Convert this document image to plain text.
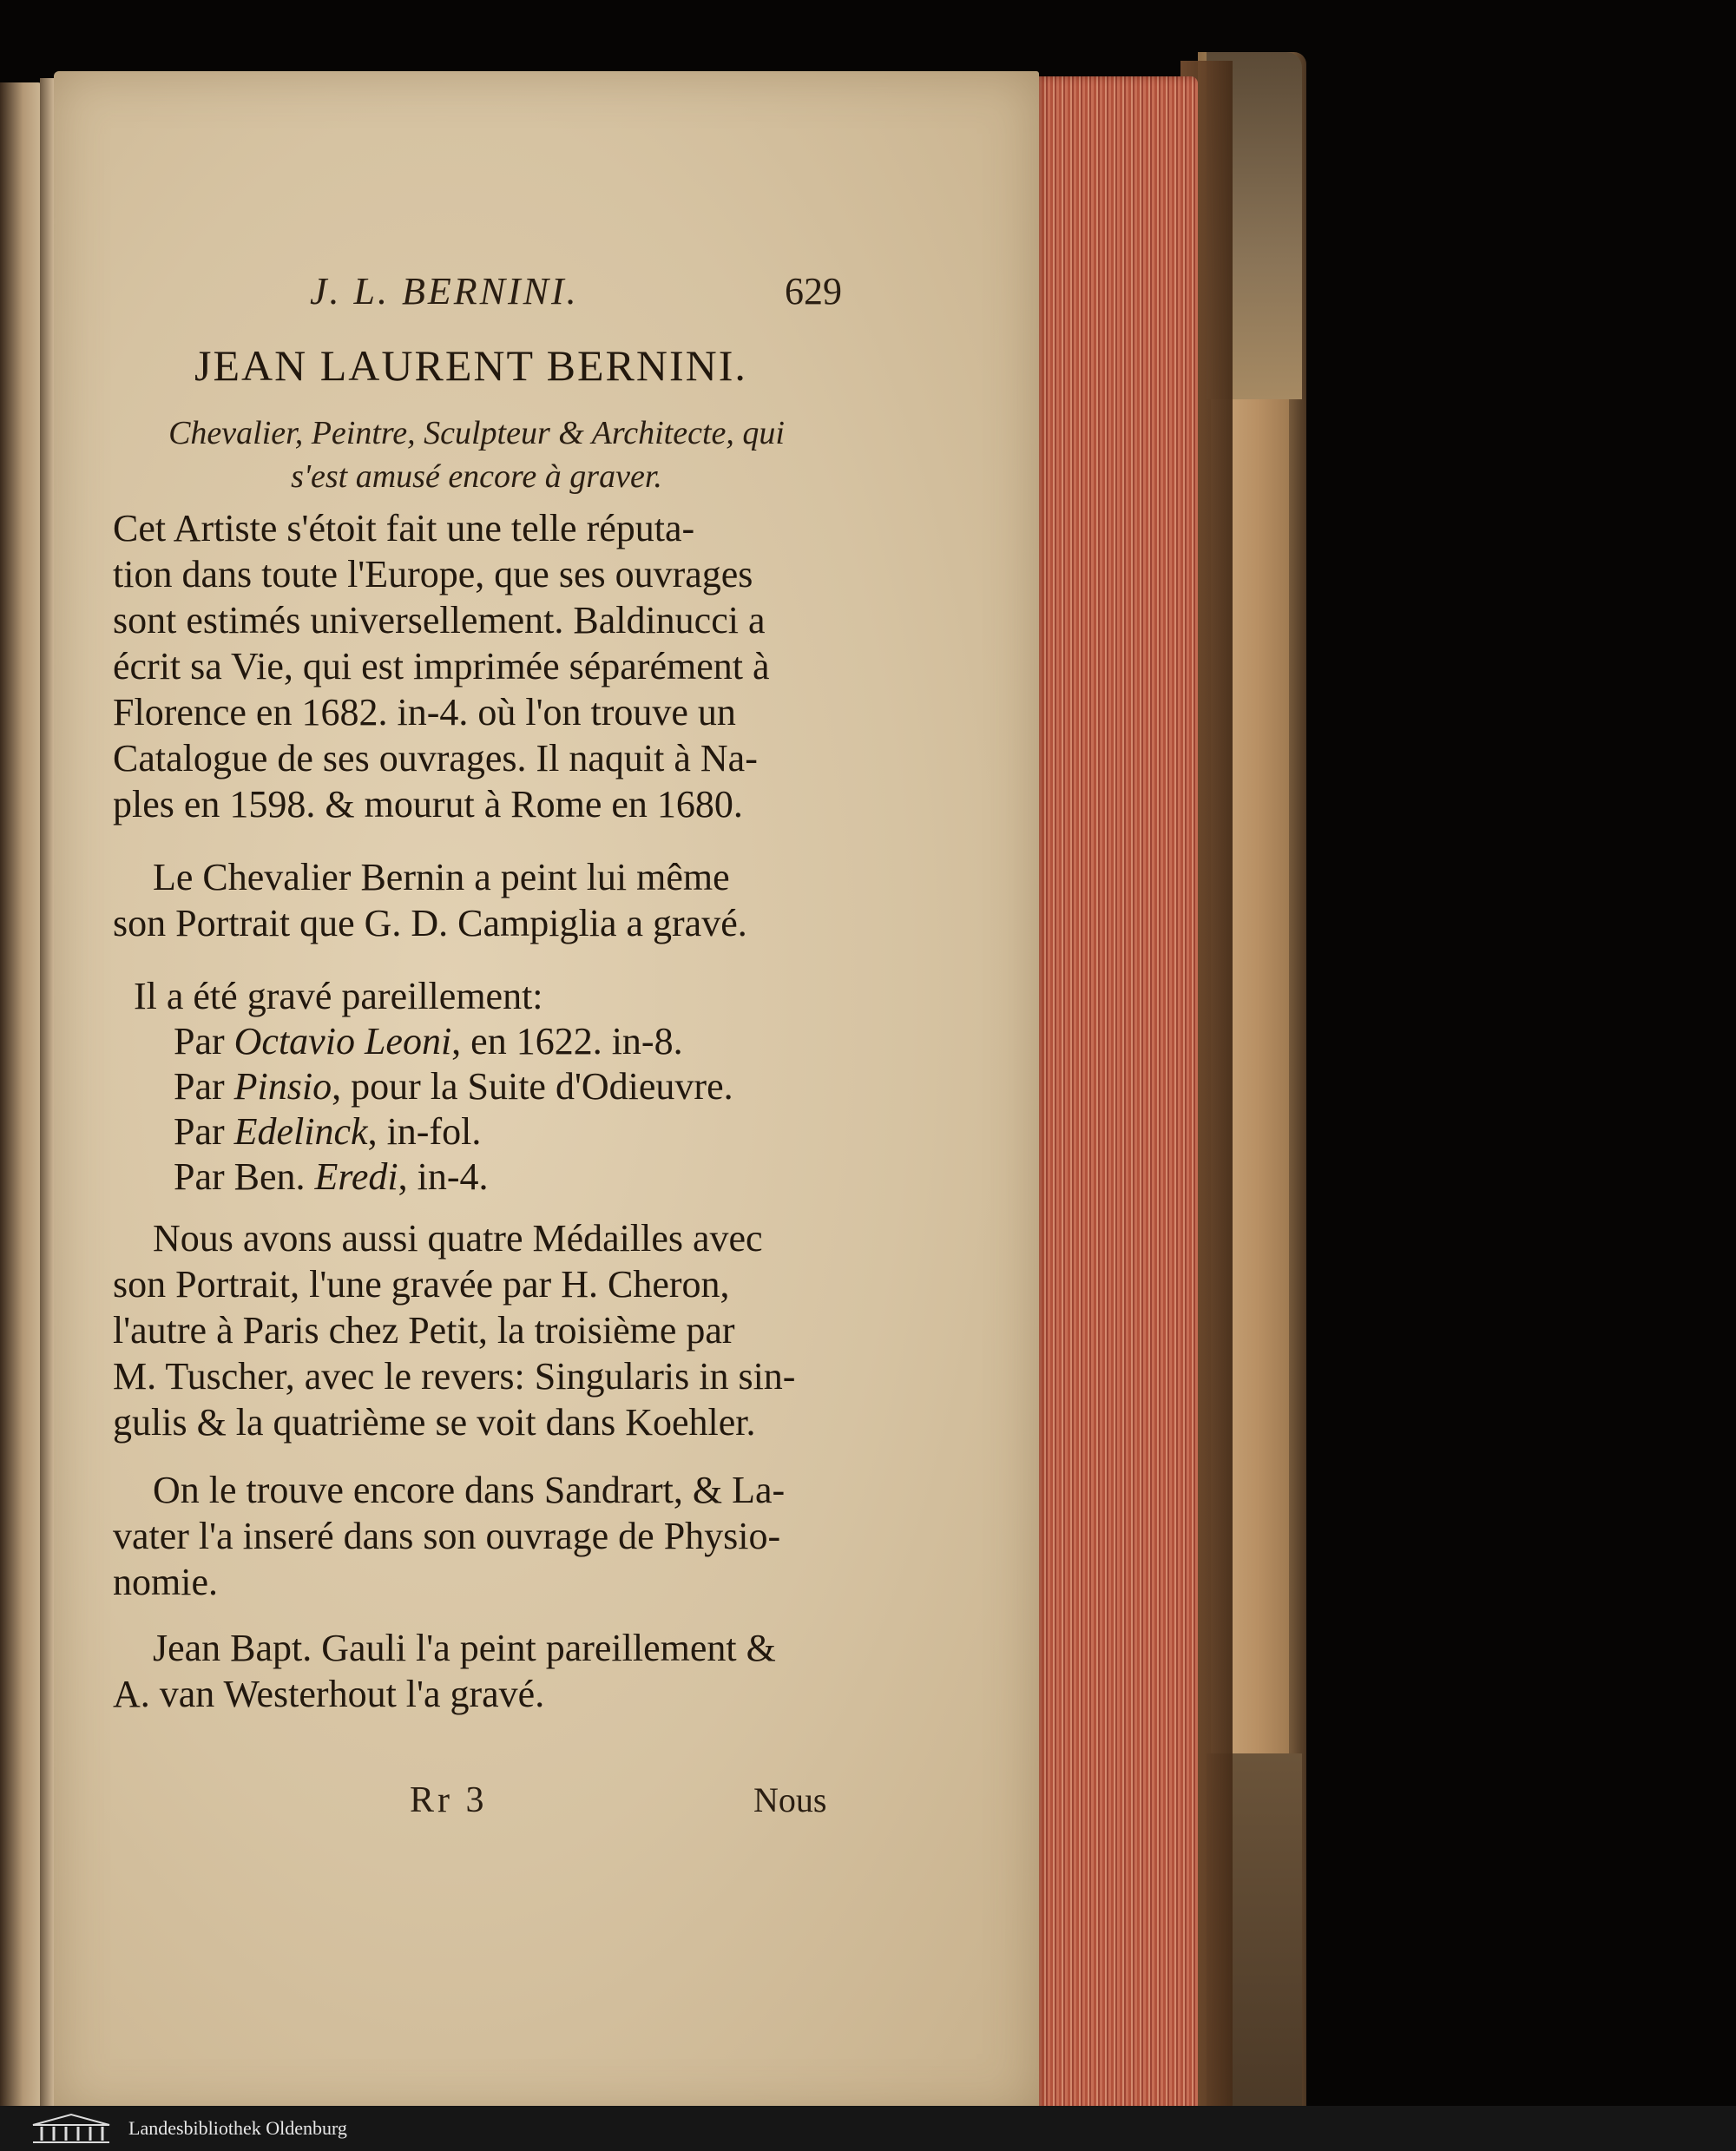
J. L. BERNINI.	629
JEAN LAURENT BERNINI.
Chevalier, Peintre, Sculpteur & Architecte, qui
s'est amusé encore à graver.
Cet Artiste s'étoit fait une telle réputa-
tion dans toute l'Europe, que ses ouvrages
sont estimés universellement. Baldinucci a
écrit sa Vie, qui est imprimée séparément à
Florence en 1682. in-4. où l'on trouve un
Catalogue de ses ouvrages. Il naquit à Na-
ples en 1598. & mourut à Rome en 1680.
Le Chevalier Bernin a peint lui même
son Portrait que G. D. Campiglia a gravé.
Il a été gravé pareillement:
Par Octavio Leoni, en 1622. in-8.
Par Pinsio, pour la Suite d'Odieuvre.
Par Edelinck, in-fol.
Par Ben. Eredi, in-4.
Nous avons aussi quatre Médailles avec
son Portrait, l'une gravée par H. Cheron,
l'autre à Paris chez Petit, la troisième par
M. Tuscher, avec le revers: Singularis in sin-
gulis & la quatrième se voit dans Koehler.
On le trouve encore dans Sandrart, & La-
vater l'a inseré dans son ouvrage de Physio-
nomie.
Jean Bapt. Gauli l'a peint pareillement &
A. van Westerhout l'a gravé.
Rr 3	Nous
Landesbibliothek Oldenburg
